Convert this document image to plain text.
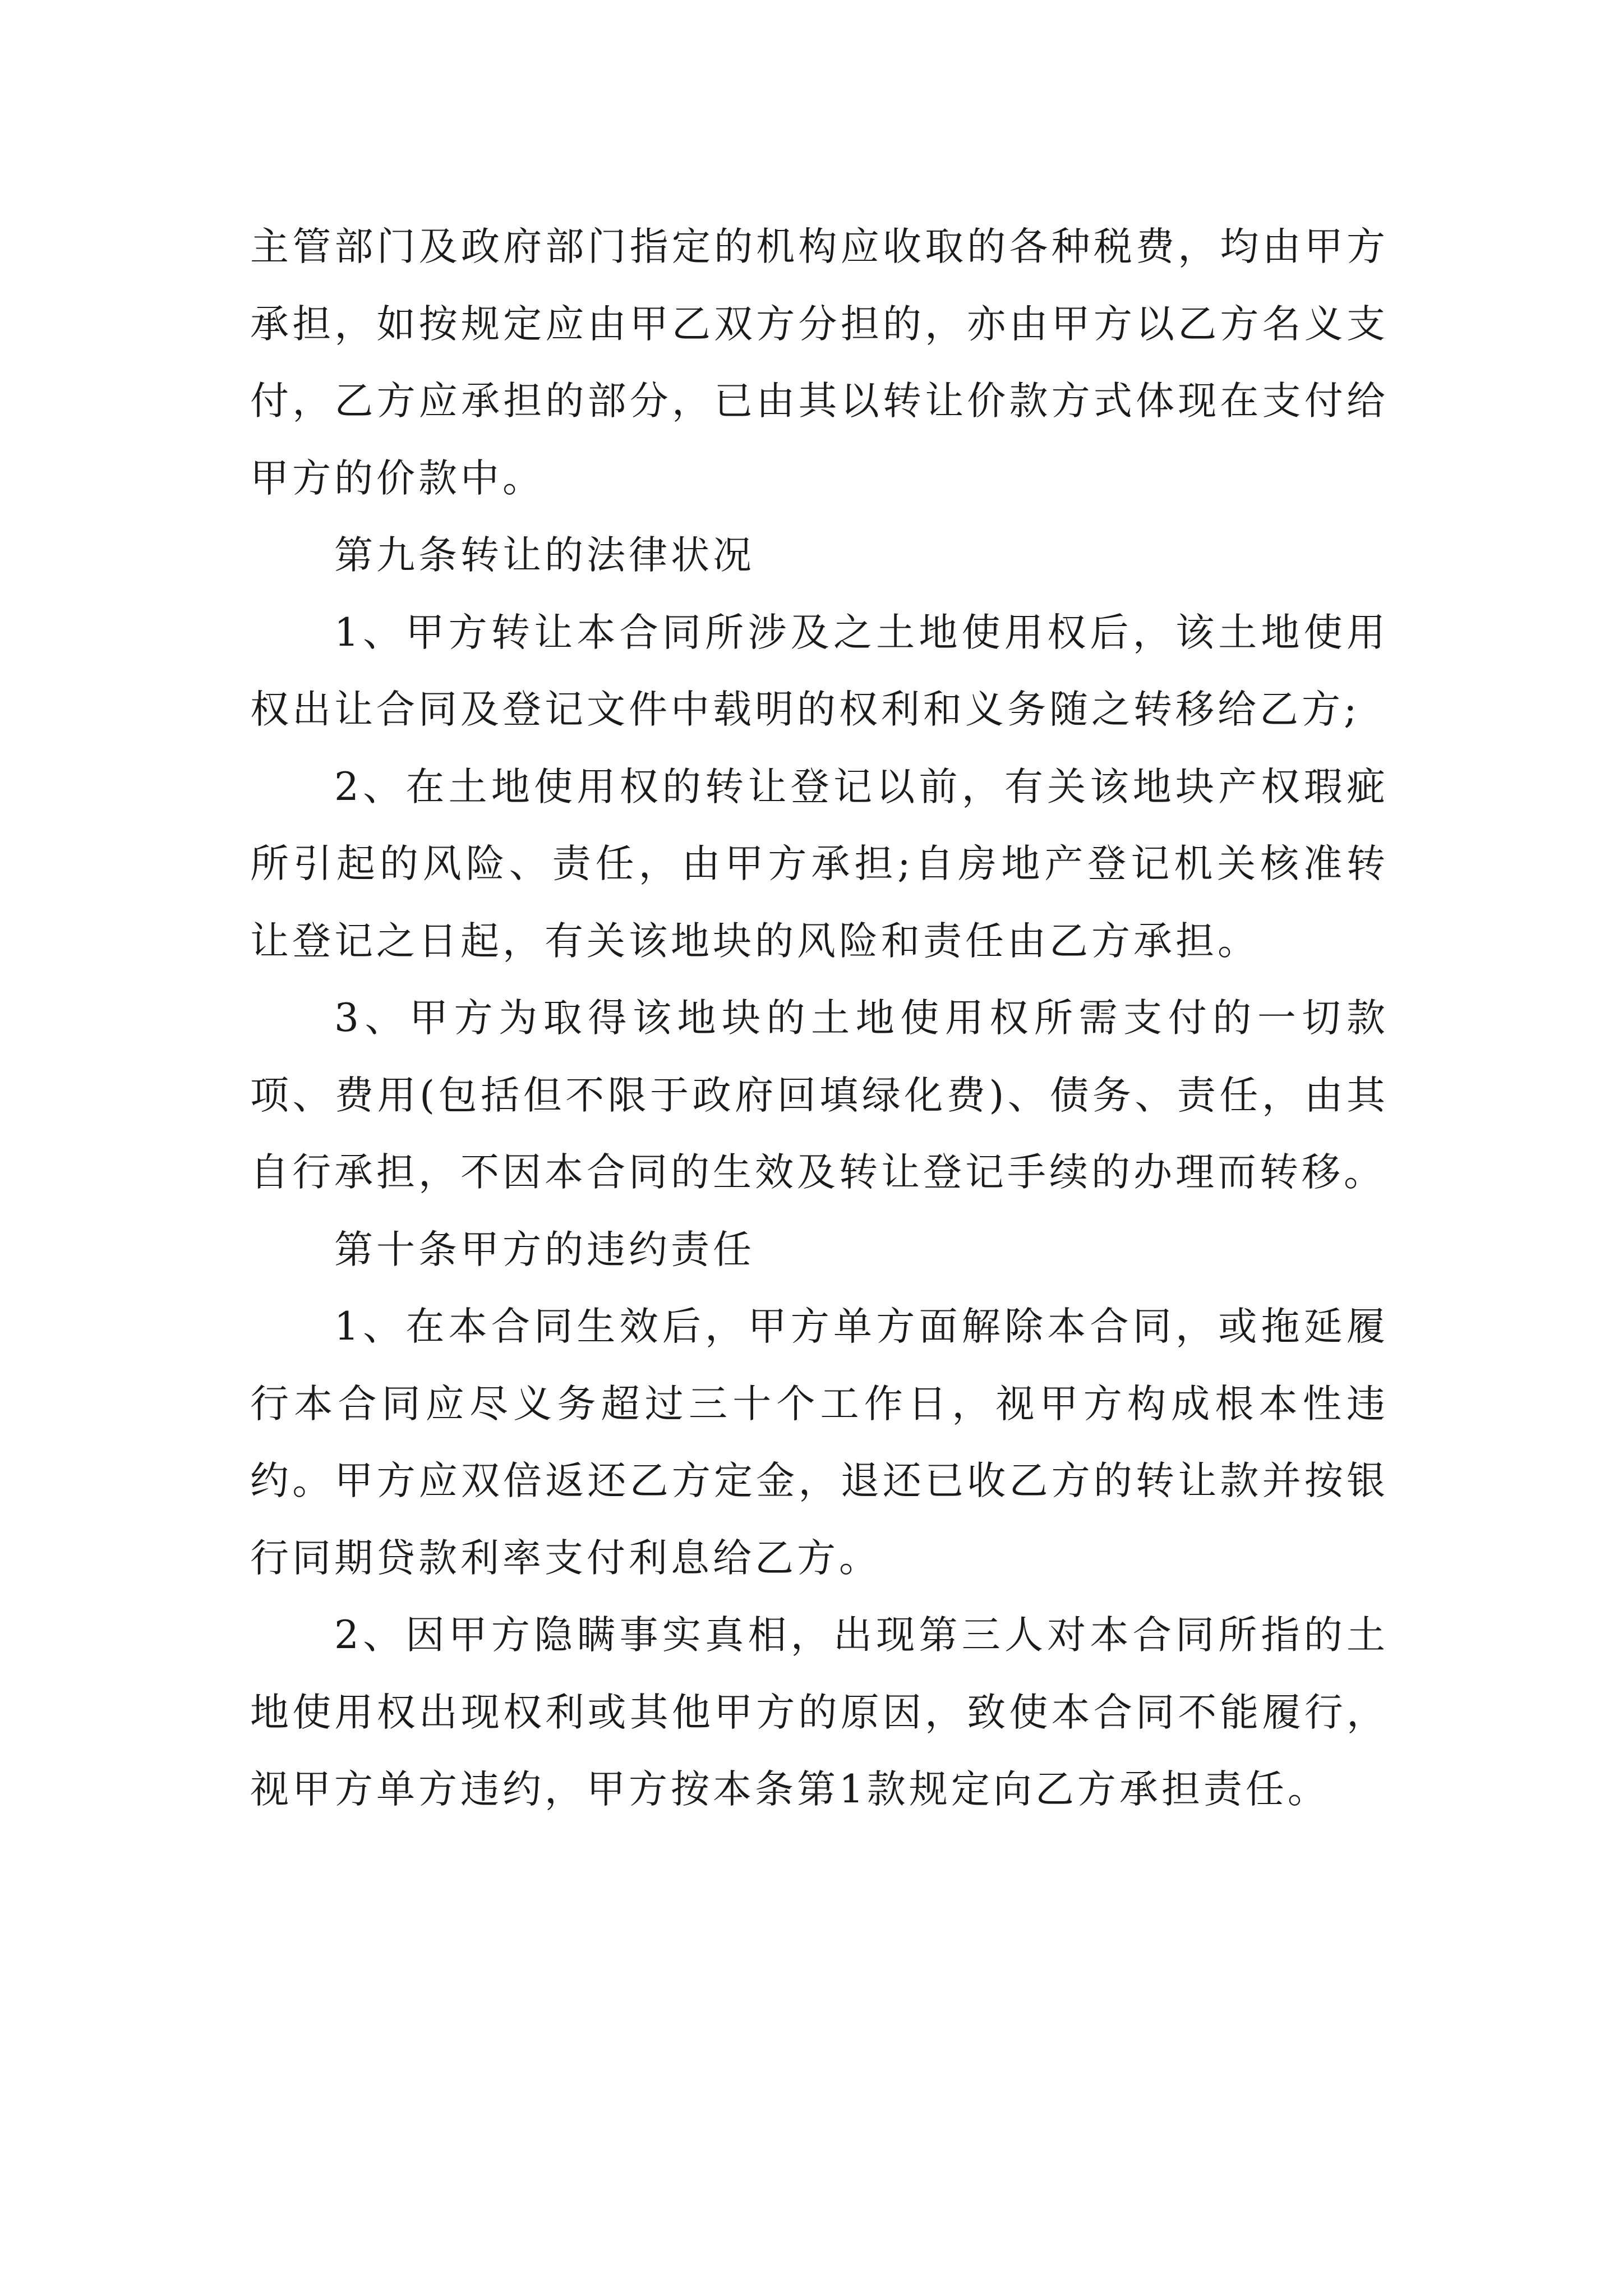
主管部门及政府部门指定的机构应收取的各种税费，均由甲方承担，如按规定应由甲乙双方分担的，亦由甲方以乙方名义支付，乙方应承担的部分，已由其以转让价款方式体现在支付给甲方的价款中。

第九条转让的法律状况

1、甲方转让本合同所涉及之土地使用权后，该土地使用权出让合同及登记文件中载明的权利和义务随之转移给乙方;

2、在土地使用权的转让登记以前，有关该地块产权瑕疵所引起的风险、责任，由甲方承担;自房地产登记机关核准转让登记之日起，有关该地块的风险和责任由乙方承担。

3、甲方为取得该地块的土地使用权所需支付的一切款项、费用(包括但不限于政府回填绿化费)、债务、责任，由其自行承担，不因本合同的生效及转让登记手续的办理而转移。

第十条甲方的违约责任

1、在本合同生效后，甲方单方面解除本合同，或拖延履行本合同应尽义务超过三十个工作日，视甲方构成根本性违约。甲方应双倍返还乙方定金，退还已收乙方的转让款并按银行同期贷款利率支付利息给乙方。

2、因甲方隐瞒事实真相，出现第三人对本合同所指的土地使用权出现权利或其他甲方的原因，致使本合同不能履行，视甲方单方违约，甲方按本条第1款规定向乙方承担责任。
